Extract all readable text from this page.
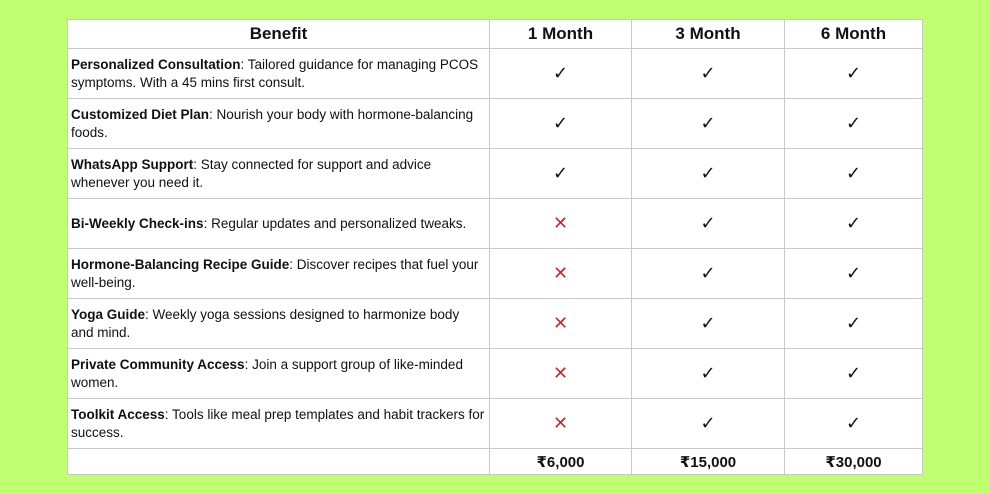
Benefit	1 Month	3 Month	6 Month
Personalized Consultation: Tailored guidance for managing PCOS symptoms. With a 45 mins first consult.	✓	✓	✓
Customized Diet Plan: Nourish your body with hormone-balancing foods.	✓	✓	✓
WhatsApp Support: Stay connected for support and advice whenever you need it.	✓	✓	✓
Bi-Weekly Check-ins: Regular updates and personalized tweaks.	✕	✓	✓
Hormone-Balancing Recipe Guide: Discover recipes that fuel your well-being.	✕	✓	✓
Yoga Guide: Weekly yoga sessions designed to harmonize body and mind.	✕	✓	✓
Private Community Access: Join a support group of like-minded women.	✕	✓	✓
Toolkit Access: Tools like meal prep templates and habit trackers for success.	✕	✓	✓
	₹6,000	₹15,000	₹30,000
